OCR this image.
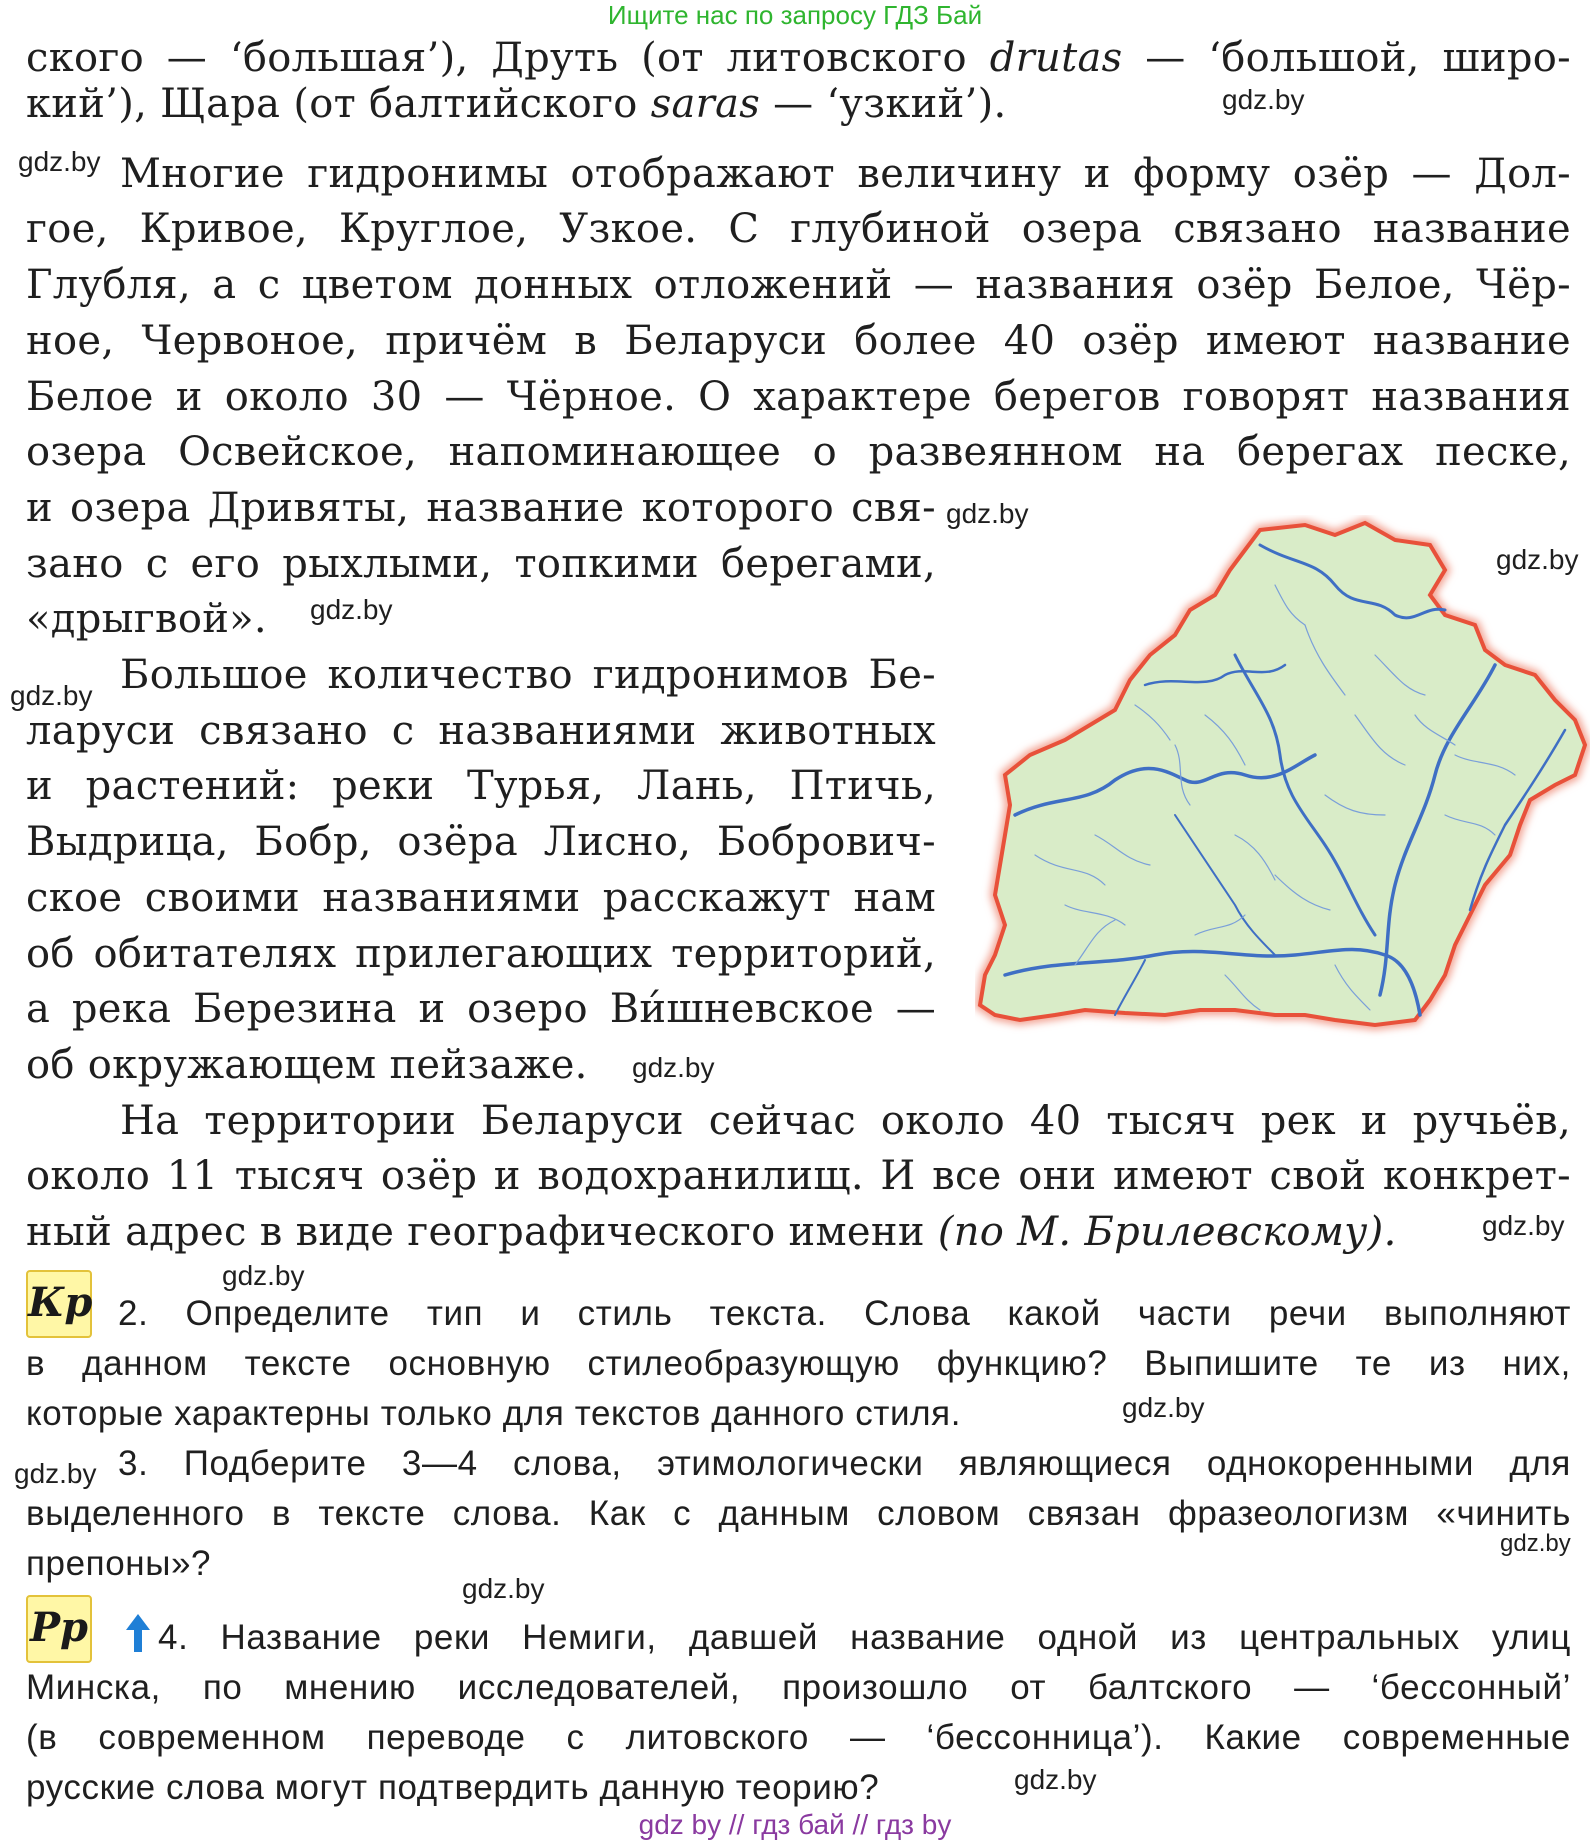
Ищите нас по запросу ГДЗ Бай
ского — ‘большая’), Друть (от литовского drutas — ‘большой, широ-
кий’), Щара (от балтийского saras — ‘узкий’).
Многие гидронимы отображают величину и форму озёр — Дол-
гое, Кривое, Круглое, Узкое. С глубиной озера связано название
Глубля, а с цветом донных отложений — названия озёр Белое, Чёр-
ное, Червоное, причём в Беларуси более 40 озёр имеют название
Белое и около 30 — Чёрное. О характере берегов говорят названия
озера Освейское, напоминающее о развеянном на берегах песке,
и озера Дривяты, название которого свя-
зано с его рыхлыми, топкими берегами,
«дрыгвой».
Большое количество гидронимов Бе-
ларуси связано с названиями животных
и растений: реки Турья, Лань, Птичь,
Выдрица, Бобр, озёра Лисно, Бобрович-
ское своими названиями расскажут нам
об обитателях прилегающих территорий,
а река Березина и озеро Ви́шневское —
об окружающем пейзаже.
На территории Беларуси сейчас около 40 тысяч рек и ручьёв,
около 11 тысяч озёр и водохранилищ. И все они имеют свой конкрет-
ный адрес в виде географического имени (по М. Брилевскому).
Кр
Рр
2. Определите тип и стиль текста. Слова какой части речи выполняют
в данном тексте основную стилеобразующую функцию? Выпишите те из них,
которые характерны только для текстов данного стиля.
3. Подберите 3—4 слова, этимологически являющиеся однокоренными для
выделенного в тексте слова. Как с данным словом связан фразеологизм «чинить
препоны»?
4. Название реки Немиги, давшей название одной из центральных улиц
Минска, по мнению исследователей, произошло от балтского — ‘бессонный’
(в современном переводе с литовского — ‘бессонница’). Какие современные
русские слова могут подтвердить данную теорию?
gdz.by
gdz.by
gdz.by
gdz.by
gdz.by
gdz.by
gdz.by
gdz.by
gdz.by
gdz.by
gdz.by
gdz.by
gdz.by
gdz.by
gdz by // гдз бай // гдз by
